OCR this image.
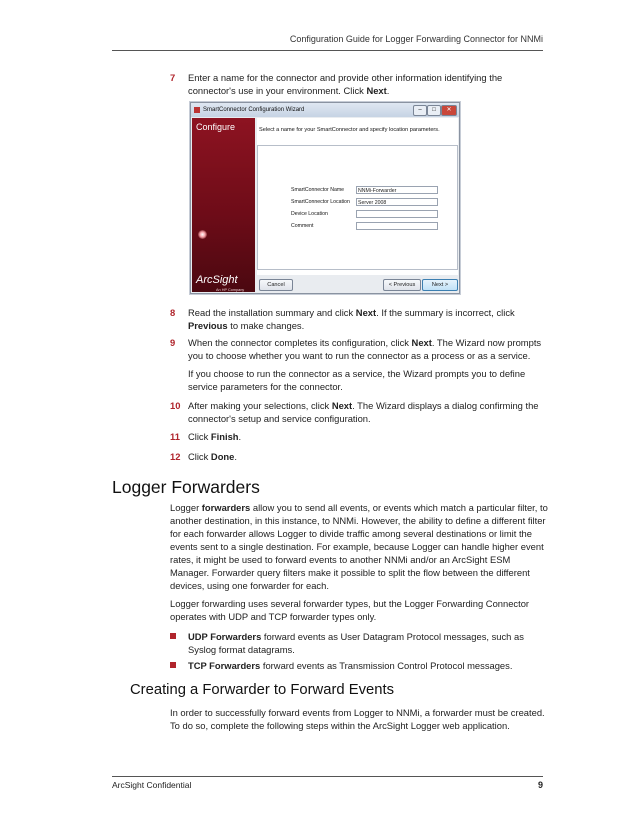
Configuration Guide for Logger Forwarding Connector for NNMi
7	Enter a name for the connector and provide other information identifying the connector's use in your environment. Click Next.
SmartConnector Configuration Wizard	–	□	✕
Configure
ArcSight
An HP Company
Select a name for your SmartConnector and specify location parameters.
SmartConnector Name	NNMi-Forwarder
SmartConnector Location	Server 2008
Device Location
Comment
Cancel	< Previous	Next >
8	Read the installation summary and click Next. If the summary is incorrect, click Previous to make changes.
9	When the connector completes its configuration, click Next. The Wizard now prompts you to choose whether you want to run the connector as a process or as a service.
If you choose to run the connector as a service, the Wizard prompts you to define service parameters for the connector.
10 After making your selections, click Next. The Wizard displays a dialog confirming the connector's setup and service configuration.
11 Click Finish.
12 Click Done.
Logger Forwarders
Logger forwarders allow you to send all events, or events which match a particular filter, to another destination, in this instance, to NNMi. However, the ability to define a different filter for each forwarder allows Logger to divide traffic among several destinations or limit the events sent to a single destination. For example, because Logger can handle higher event rates, it might be used to forward events to another NNMi and/or an ArcSight ESM Manager. Forwarder query filters make it possible to split the flow between the different devices, using one forwarder for each.
Logger forwarding uses several forwarder types, but the Logger Forwarding Connector operates with UDP and TCP forwarder types only.
UDP Forwarders forward events as User Datagram Protocol messages, such as Syslog format datagrams.
TCP Forwarders forward events as Transmission Control Protocol messages.
Creating a Forwarder to Forward Events
In order to successfully forward events from Logger to NNMi, a forwarder must be created. To do so, complete the following steps within the ArcSight Logger web application.
ArcSight Confidential	9
